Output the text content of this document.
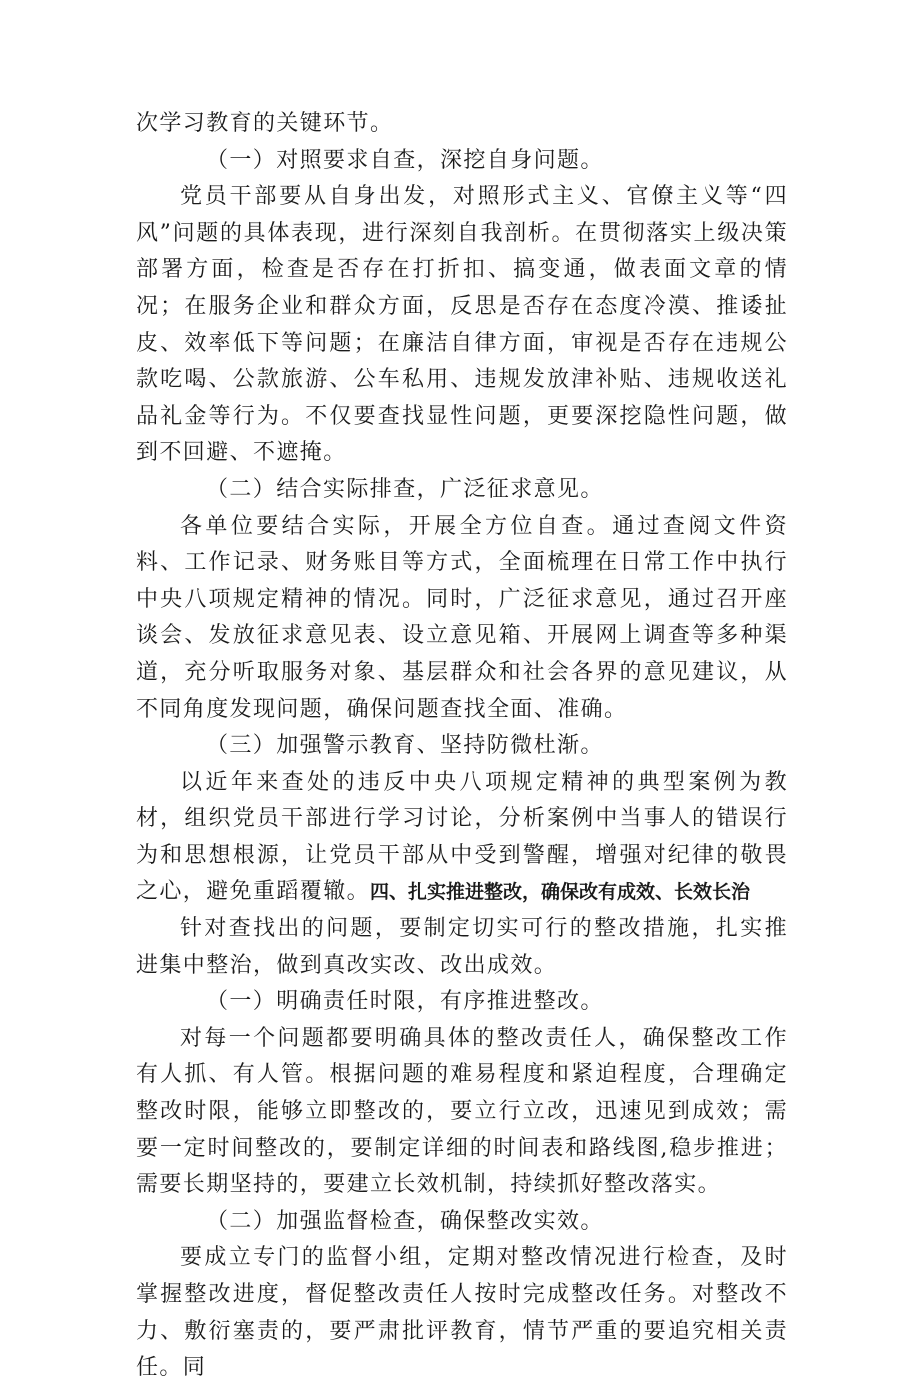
次学习教育的关键环节。

（一）对照要求自查，深挖自身问题。

党员干部要从自身出发，对照形式主义、官僚主义等“四风”问题的具体表现，进行深刻自我剖析。在贯彻落实上级决策部署方面，检查是否存在打折扣、搞变通，做表面文章的情况；在服务企业和群众方面，反思是否存在态度冷漠、推诿扯皮、效率低下等问题；在廉洁自律方面，审视是否存在违规公款吃喝、公款旅游、公车私用、违规发放津补贴、违规收送礼品礼金等行为。不仅要查找显性问题，更要深挖隐性问题，做到不回避、不遮掩。

（二）结合实际排查，广泛征求意见。

各单位要结合实际，开展全方位自查。通过查阅文件资料、工作记录、财务账目等方式，全面梳理在日常工作中执行中央八项规定精神的情况。同时，广泛征求意见，通过召开座谈会、发放征求意见表、设立意见箱、开展网上调查等多种渠道，充分听取服务对象、基层群众和社会各界的意见建议，从不同角度发现问题，确保问题查找全面、准确。

（三）加强警示教育、坚持防微杜渐。

以近年来查处的违反中央八项规定精神的典型案例为教材，组织党员干部进行学习讨论，分析案例中当事人的错误行为和思想根源，让党员干部从中受到警醒，增强对纪律的敬畏之心，避免重蹈覆辙。四、扎实推进整改，确保改有成效、长效长治

针对查找出的问题，要制定切实可行的整改措施，扎实推进集中整治，做到真改实改、改出成效。

（一）明确责任时限，有序推进整改。

对每一个问题都要明确具体的整改责任人，确保整改工作有人抓、有人管。根据问题的难易程度和紧迫程度，合理确定整改时限，能够立即整改的，要立行立改，迅速见到成效；需要一定时间整改的，要制定详细的时间表和路线图,稳步推进；需要长期坚持的，要建立长效机制，持续抓好整改落实。

（二）加强监督检查，确保整改实效。

要成立专门的监督小组，定期对整改情况进行检查，及时掌握整改进度，督促整改责任人按时完成整改任务。对整改不力、敷衍塞责的，要严肃批评教育，情节严重的要追究相关责任。同
